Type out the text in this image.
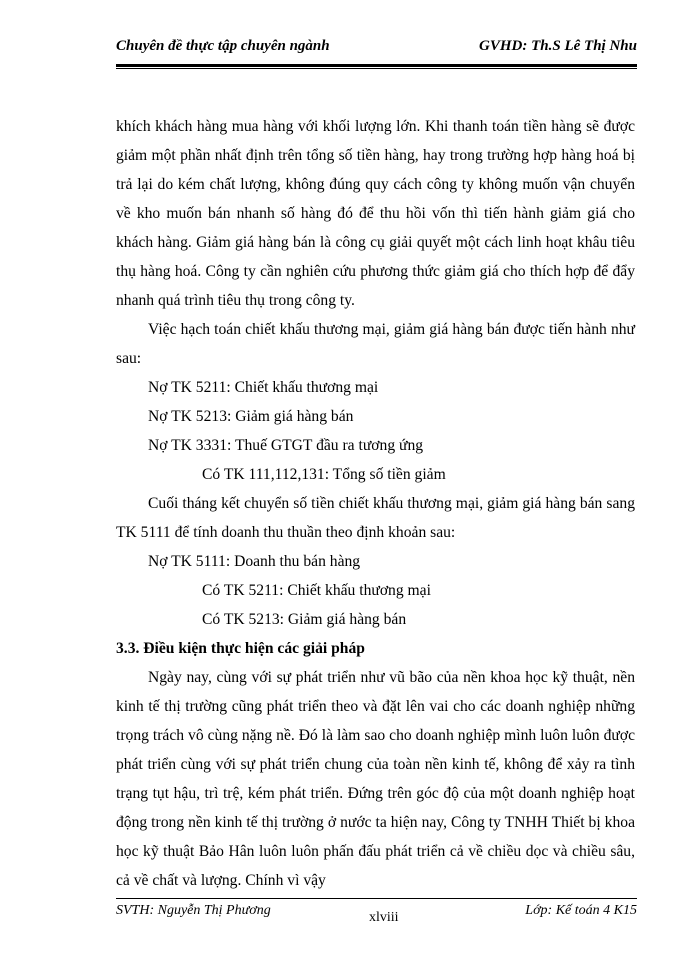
Chuyên đề thực tập chuyên ngành	GVHD: Th.S Lê Thị Nhu

khích khách hàng mua hàng với khối lượng lớn. Khi thanh toán tiền hàng sẽ được giảm một phần nhất định trên tổng số tiền hàng, hay trong trường hợp hàng hoá bị trả lại do kém chất lượng, không đúng quy cách công ty không muốn vận chuyển về kho muốn bán nhanh số hàng đó để thu hồi vốn thì tiến hành giảm giá cho khách hàng. Giảm giá hàng bán là công cụ giải quyết một cách linh hoạt khâu tiêu thụ hàng hoá. Công ty cần nghiên cứu phương thức giảm giá cho thích hợp để đẩy nhanh quá trình tiêu thụ trong công ty.

Việc hạch toán chiết khấu thương mại, giảm giá hàng bán được tiến hành như sau:

Nợ TK 5211: Chiết khấu thương mại
Nợ TK 5213: Giảm giá hàng bán
Nợ TK 3331: Thuế GTGT đầu ra tương ứng
Có TK 111,112,131: Tổng số tiền giảm

Cuối tháng kết chuyển số tiền chiết khấu thương mại, giảm giá hàng bán sang TK 5111 để tính doanh thu thuần theo định khoản sau:

Nợ TK 5111: Doanh thu bán hàng
Có TK 5211: Chiết khấu thương mại
Có TK 5213: Giảm giá hàng bán
3.3. Điều kiện thực hiện các giải pháp

Ngày nay, cùng với sự phát triển như vũ bão của nền khoa học kỹ thuật, nền kinh tế thị trường cũng phát triển theo và đặt lên vai cho các doanh nghiệp những trọng trách vô cùng nặng nề. Đó là làm sao cho doanh nghiệp mình luôn luôn được phát triển cùng với sự phát triển chung của toàn nền kinh tế, không để xảy ra tình trạng tụt hậu, trì trệ, kém phát triển. Đứng trên góc độ của một doanh nghiệp hoạt động trong nền kinh tế thị trường ở nước ta hiện nay, Công ty TNHH Thiết bị khoa học kỹ thuật Bảo Hân luôn luôn phấn đấu phát triển cả về chiều dọc và chiều sâu, cả về chất và lượng. Chính vì vậy

SVTH: Nguyễn Thị Phương	xlviii	Lớp: Kế toán 4 K15
